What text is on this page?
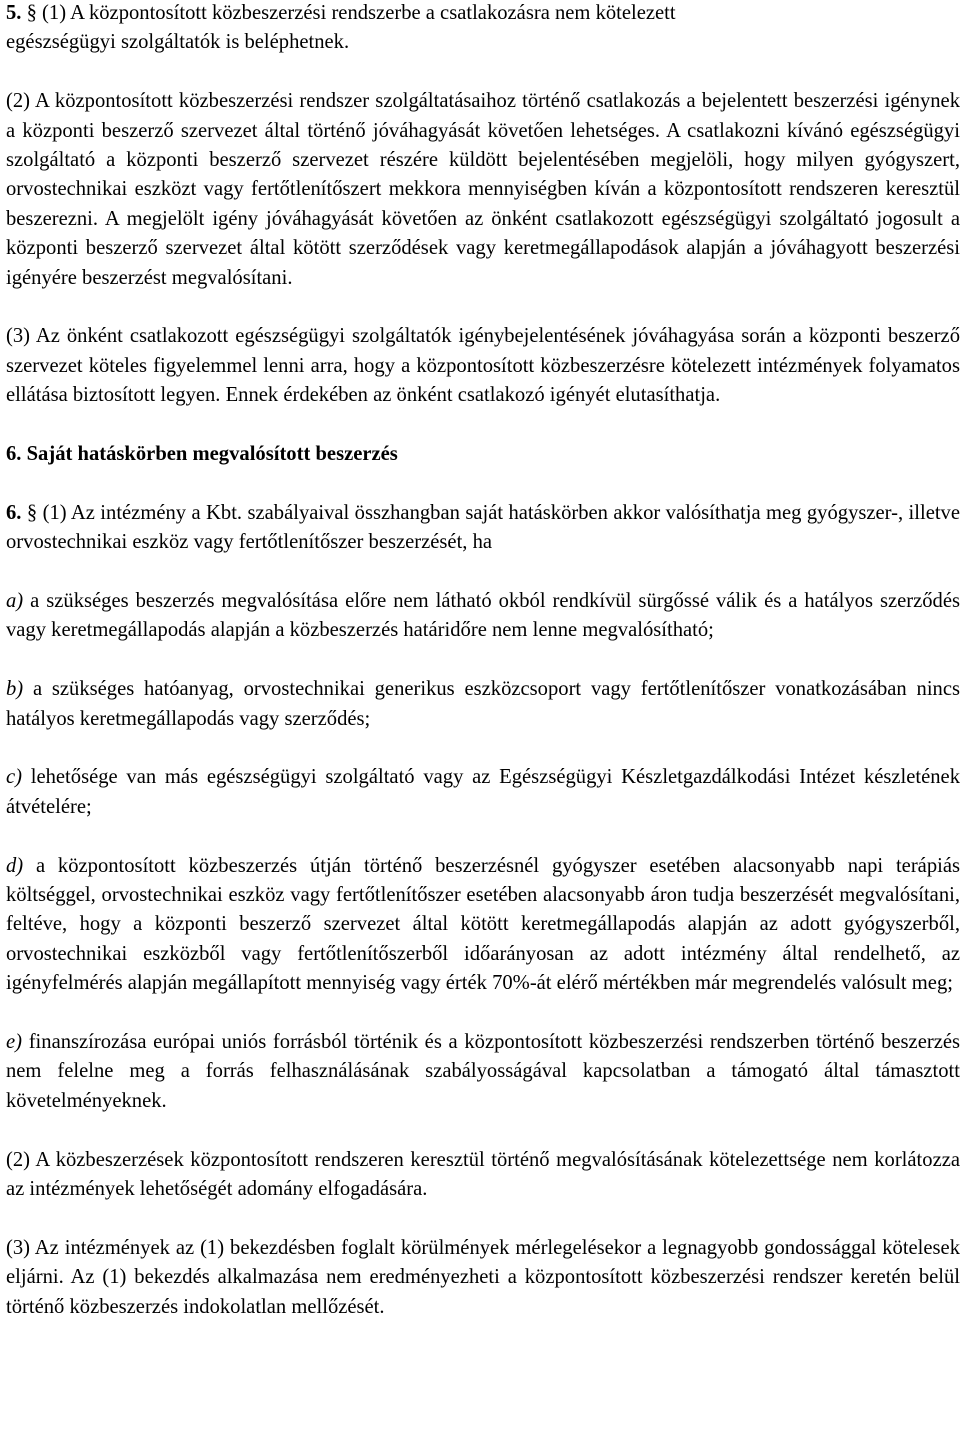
5. § (1) A központosított közbeszerzési rendszerbe a csatlakozásra nem kötelezett
egészségügyi szolgáltatók is beléphetnek.

(2) A központosított közbeszerzési rendszer szolgáltatásaihoz történő csatlakozás a bejelentett beszerzési igénynek a központi beszerző szervezet által történő jóváhagyását követően lehetséges. A csatlakozni kívánó egészségügyi szolgáltató a központi beszerző szervezet részére küldött bejelentésében megjelöli, hogy milyen gyógyszert, orvostechnikai eszközt vagy fertőtlenítőszert mekkora mennyiségben kíván a központosított rendszeren keresztül beszerezni. A megjelölt igény jóváhagyását követően az önként csatlakozott egészségügyi szolgáltató jogosult a központi beszerző szervezet által kötött szerződések vagy keretmegállapodások alapján a jóváhagyott beszerzési igényére beszerzést megvalósítani.

(3) Az önként csatlakozott egészségügyi szolgáltatók igénybejelentésének jóváhagyása során a központi beszerző szervezet köteles figyelemmel lenni arra, hogy a központosított közbeszerzésre kötelezett intézmények folyamatos ellátása biztosított legyen. Ennek érdekében az önként csatlakozó igényét elutasíthatja.

6. Saját hatáskörben megvalósított beszerzés

6. § (1) Az intézmény a Kbt. szabályaival összhangban saját hatáskörben akkor valósíthatja meg gyógyszer-, illetve orvostechnikai eszköz vagy fertőtlenítőszer beszerzését, ha

a) a szükséges beszerzés megvalósítása előre nem látható okból rendkívül sürgőssé válik és a hatályos szerződés vagy keretmegállapodás alapján a közbeszerzés határidőre nem lenne megvalósítható;

b) a szükséges hatóanyag, orvostechnikai generikus eszközcsoport vagy fertőtlenítőszer vonatkozásában nincs hatályos keretmegállapodás vagy szerződés;

c) lehetősége van más egészségügyi szolgáltató vagy az Egészségügyi Készletgazdálkodási Intézet készletének átvételére;

d) a központosított közbeszerzés útján történő beszerzésnél gyógyszer esetében alacsonyabb napi terápiás költséggel, orvostechnikai eszköz vagy fertőtlenítőszer esetében alacsonyabb áron tudja beszerzését megvalósítani, feltéve, hogy a központi beszerző szervezet által kötött keretmegállapodás alapján az adott gyógyszerből, orvostechnikai eszközből vagy fertőtlenítőszerből időarányosan az adott intézmény által rendelhető, az igényfelmérés alapján megállapított mennyiség vagy érték 70%-át elérő mértékben már megrendelés valósult meg;

e) finanszírozása európai uniós forrásból történik és a központosított közbeszerzési rendszerben történő beszerzés nem felelne meg a forrás felhasználásának szabályosságával kapcsolatban a támogató által támasztott követelményeknek.

(2) A közbeszerzések központosított rendszeren keresztül történő megvalósításának kötelezettsége nem korlátozza az intézmények lehetőségét adomány elfogadására.

(3) Az intézmények az (1) bekezdésben foglalt körülmények mérlegelésekor a legnagyobb gondossággal kötelesek eljárni. Az (1) bekezdés alkalmazása nem eredményezheti a központosított közbeszerzési rendszer keretén belül történő közbeszerzés indokolatlan mellőzését.
